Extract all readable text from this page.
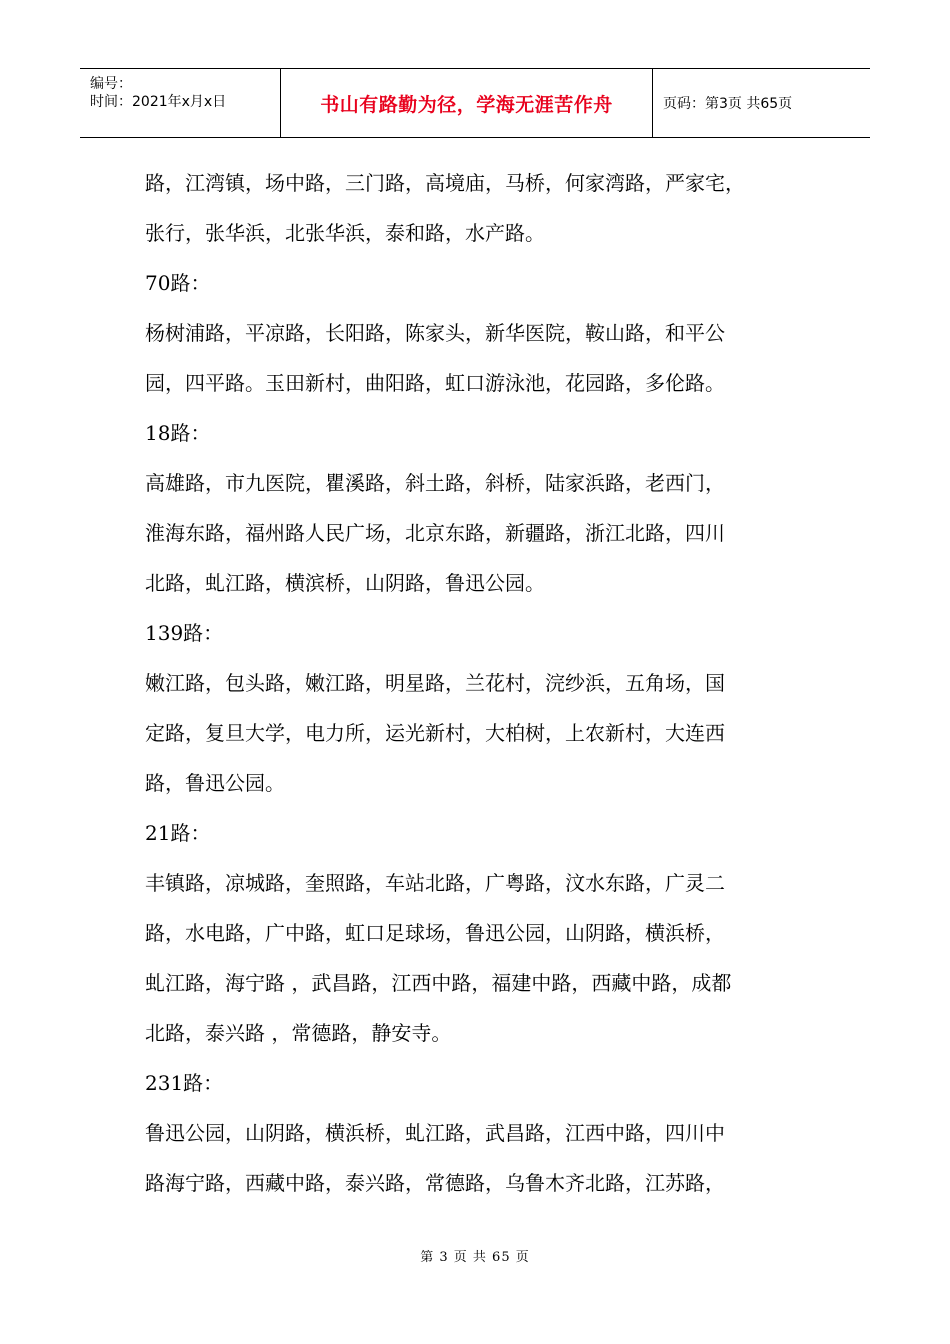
编号：
时间：2021年x月x日	书山有路勤为径，学海无涯苦作舟	页码：第3页 共65页

路，江湾镇，场中路，三门路，高境庙，马桥，何家湾路，严家宅，

张行，张华浜，北张华浜，泰和路，水产路。

70路：

杨树浦路，平凉路，长阳路，陈家头，新华医院，鞍山路，和平公

园，四平路。玉田新村，曲阳路，虹口游泳池，花园路，多伦路。

18路：

高雄路，市九医院，瞿溪路，斜土路，斜桥，陆家浜路，老西门，

淮海东路，福州路人民广场，北京东路，新疆路，浙江北路，四川

北路，虬江路，横滨桥，山阴路，鲁迅公园。

139路：

嫩江路，包头路，嫩江路，明星路，兰花村，浣纱浜，五角场，国

定路，复旦大学，电力所，运光新村，大柏树，上农新村，大连西

路，鲁迅公园。

21路：

丰镇路，凉城路，奎照路，车站北路，广粤路，汶水东路，广灵二

路，水电路，广中路，虹口足球场，鲁迅公园，山阴路，横浜桥，

虬江路，海宁路 ，武昌路，江西中路，福建中路，西藏中路，成都

北路，泰兴路 ，常德路，静安寺。

231路：

鲁迅公园，山阴路，横浜桥，虬江路，武昌路，江西中路，四川中

路海宁路，西藏中路，泰兴路，常德路，乌鲁木齐北路，江苏路，

第 3 页 共 65 页
